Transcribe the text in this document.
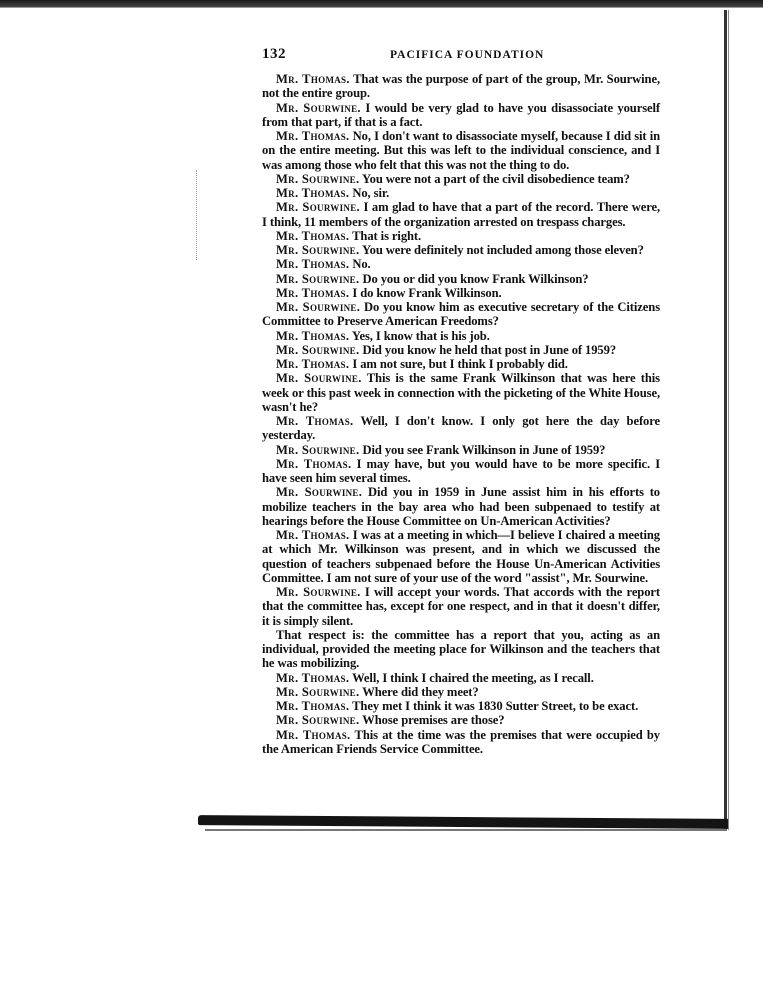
132	PACIFICA FOUNDATION

Mr. Thomas. That was the purpose of part of the group, Mr. Sourwine, not the entire group.

Mr. Sourwine. I would be very glad to have you disassociate yourself from that part, if that is a fact.

Mr. Thomas. No, I don't want to disassociate myself, because I did sit in on the entire meeting. But this was left to the individual conscience, and I was among those who felt that this was not the thing to do.

Mr. Sourwine. You were not a part of the civil disobedience team?

Mr. Thomas. No, sir.

Mr. Sourwine. I am glad to have that a part of the record. There were, I think, 11 members of the organization arrested on trespass charges.

Mr. Thomas. That is right.

Mr. Sourwine. You were definitely not included among those eleven?

Mr. Thomas. No.

Mr. Sourwine. Do you or did you know Frank Wilkinson?

Mr. Thomas. I do know Frank Wilkinson.

Mr. Sourwine. Do you know him as executive secretary of the Citizens Committee to Preserve American Freedoms?

Mr. Thomas. Yes, I know that is his job.

Mr. Sourwine. Did you know he held that post in June of 1959?

Mr. Thomas. I am not sure, but I think I probably did.

Mr. Sourwine. This is the same Frank Wilkinson that was here this week or this past week in connection with the picketing of the White House, wasn't he?

Mr. Thomas. Well, I don't know. I only got here the day before yesterday.

Mr. Sourwine. Did you see Frank Wilkinson in June of 1959?

Mr. Thomas. I may have, but you would have to be more specific. I have seen him several times.

Mr. Sourwine. Did you in 1959 in June assist him in his efforts to mobilize teachers in the bay area who had been subpenaed to testify at hearings before the House Committee on Un-American Activities?

Mr. Thomas. I was at a meeting in which—I believe I chaired a meeting at which Mr. Wilkinson was present, and in which we discussed the question of teachers subpenaed before the House Un-American Activities Committee. I am not sure of your use of the word "assist", Mr. Sourwine.

Mr. Sourwine. I will accept your words. That accords with the report that the committee has, except for one respect, and in that it doesn't differ, it is simply silent.

That respect is: the committee has a report that you, acting as an individual, provided the meeting place for Wilkinson and the teachers that he was mobilizing.

Mr. Thomas. Well, I think I chaired the meeting, as I recall.

Mr. Sourwine. Where did they meet?

Mr. Thomas. They met I think it was 1830 Sutter Street, to be exact.

Mr. Sourwine. Whose premises are those?

Mr. Thomas. This at the time was the premises that were occupied by the American Friends Service Committee.
